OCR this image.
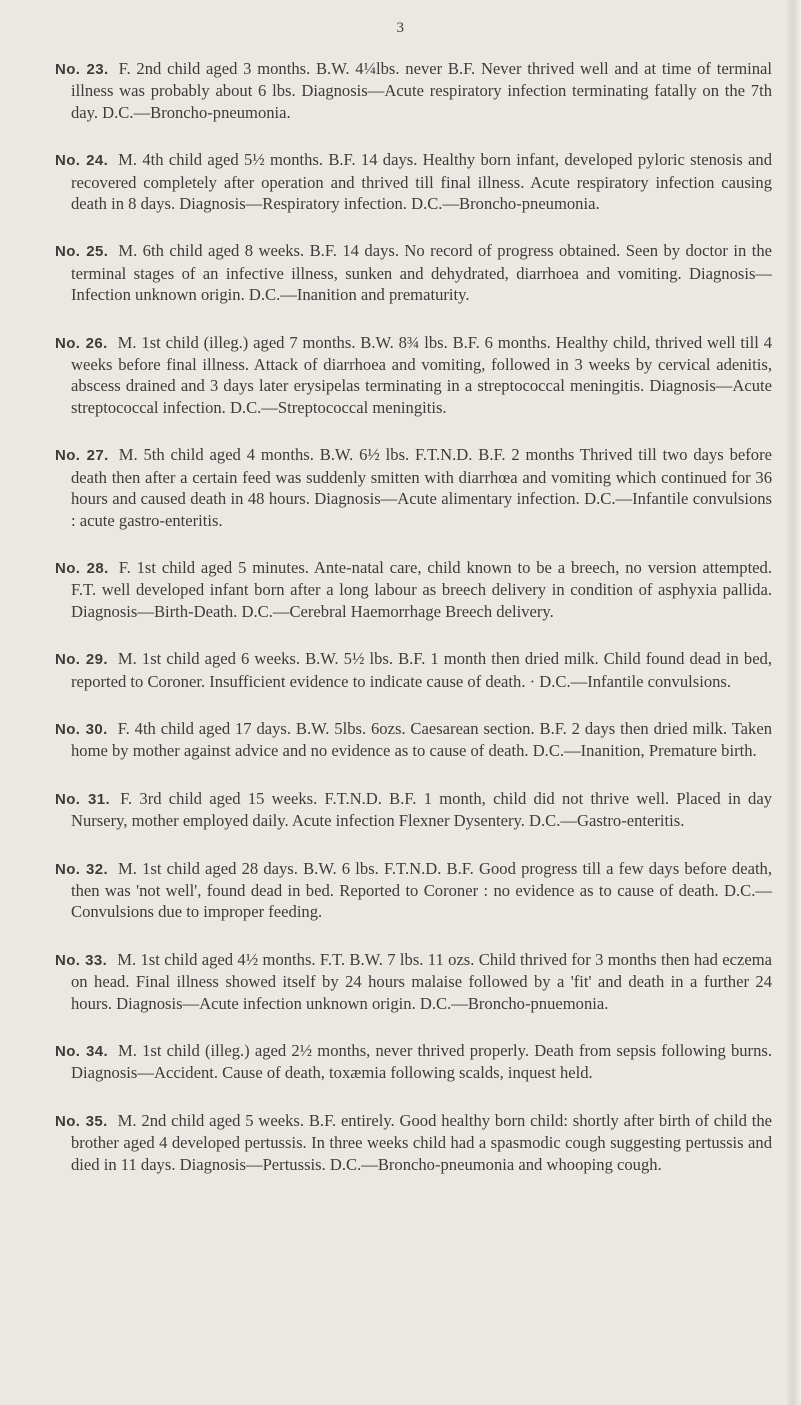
3

No. 23. F. 2nd child aged 3 months. B.W. 4¼lbs. never B.F. Never thrived well and at time of terminal illness was probably about 6 lbs. Diagnosis—Acute respiratory infection terminating fatally on the 7th day. D.C.—Broncho-pneumonia.

No. 24. M. 4th child aged 5½ months. B.F. 14 days. Healthy born infant, developed pyloric stenosis and recovered completely after operation and thrived till final illness. Acute respiratory infection causing death in 8 days. Diagnosis—Respiratory infection. D.C.—Broncho-pneumonia.

No. 25. M. 6th child aged 8 weeks. B.F. 14 days. No record of progress obtained. Seen by doctor in the terminal stages of an infective illness, sunken and dehydrated, diarrhoea and vomiting. Diagnosis—Infection unknown origin. D.C.—Inanition and prematurity.

No. 26. M. 1st child (illeg.) aged 7 months. B.W. 8¾ lbs. B.F. 6 months. Healthy child, thrived well till 4 weeks before final illness. Attack of diarrhoea and vomiting, followed in 3 weeks by cervical adenitis, abscess drained and 3 days later erysipelas terminating in a streptococcal meningitis. Diagnosis—Acute streptococcal infection. D.C.—Streptococcal meningitis.

No. 27. M. 5th child aged 4 months. B.W. 6½ lbs. F.T.N.D. B.F. 2 months Thrived till two days before death then after a certain feed was suddenly smitten with diarrhœa and vomiting which continued for 36 hours and caused death in 48 hours. Diagnosis—Acute alimentary infection. D.C.—Infantile convulsions : acute gastro-enteritis.

No. 28. F. 1st child aged 5 minutes. Ante-natal care, child known to be a breech, no version attempted. F.T. well developed infant born after a long labour as breech delivery in condition of asphyxia pallida. Diagnosis—Birth-Death. D.C.—Cerebral Haemorrhage Breech delivery.

No. 29. M. 1st child aged 6 weeks. B.W. 5½ lbs. B.F. 1 month then dried milk. Child found dead in bed, reported to Coroner. Insufficient evidence to indicate cause of death. · D.C.—Infantile convulsions.

No. 30. F. 4th child aged 17 days. B.W. 5lbs. 6ozs. Caesarean section. B.F. 2 days then dried milk. Taken home by mother against advice and no evidence as to cause of death. D.C.—Inanition, Premature birth.

No. 31. F. 3rd child aged 15 weeks. F.T.N.D. B.F. 1 month, child did not thrive well. Placed in day Nursery, mother employed daily. Acute infection Flexner Dysentery. D.C.—Gastro-enteritis.

No. 32. M. 1st child aged 28 days. B.W. 6 lbs. F.T.N.D. B.F. Good progress till a few days before death, then was 'not well', found dead in bed. Reported to Coroner : no evidence as to cause of death. D.C.—Convulsions due to improper feeding.

No. 33. M. 1st child aged 4½ months. F.T. B.W. 7 lbs. 11 ozs. Child thrived for 3 months then had eczema on head. Final illness showed itself by 24 hours malaise followed by a 'fit' and death in a further 24 hours. Diagnosis—Acute infection unknown origin. D.C.—Broncho-pnuemonia.

No. 34. M. 1st child (illeg.) aged 2½ months, never thrived properly. Death from sepsis following burns. Diagnosis—Accident. Cause of death, toxæmia following scalds, inquest held.

No. 35. M. 2nd child aged 5 weeks. B.F. entirely. Good healthy born child: shortly after birth of child the brother aged 4 developed pertussis. In three weeks child had a spasmodic cough suggesting pertussis and died in 11 days. Diagnosis—Pertussis. D.C.—Broncho-pneumonia and whooping cough.
